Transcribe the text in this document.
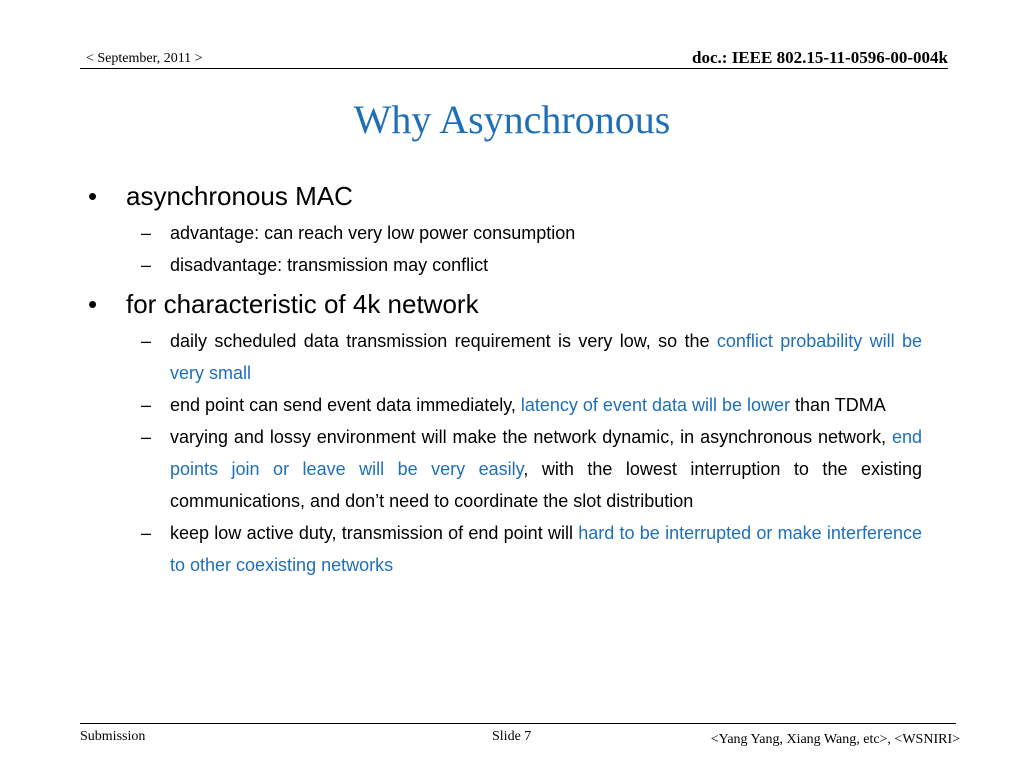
< September, 2011 >	doc.: IEEE 802.15-11-0596-00-004k
Why Asynchronous
• asynchronous MAC
– advantage: can reach very low power consumption
– disadvantage: transmission may conflict
• for characteristic of 4k network
– daily scheduled data transmission requirement is very low, so the conflict probability will be very small
– end point can send event data immediately, latency of event data will be lower than TDMA
– varying and lossy environment will make the network dynamic, in asynchronous network, end points join or leave will be very easily, with the lowest interruption to the existing communications, and don’t need to coordinate the slot distribution
– keep low active duty, transmission of end point will hard to be interrupted or make interference to other coexisting networks
Submission	Slide 7	<Yang Yang, Xiang Wang, etc>, <WSNIRI>
